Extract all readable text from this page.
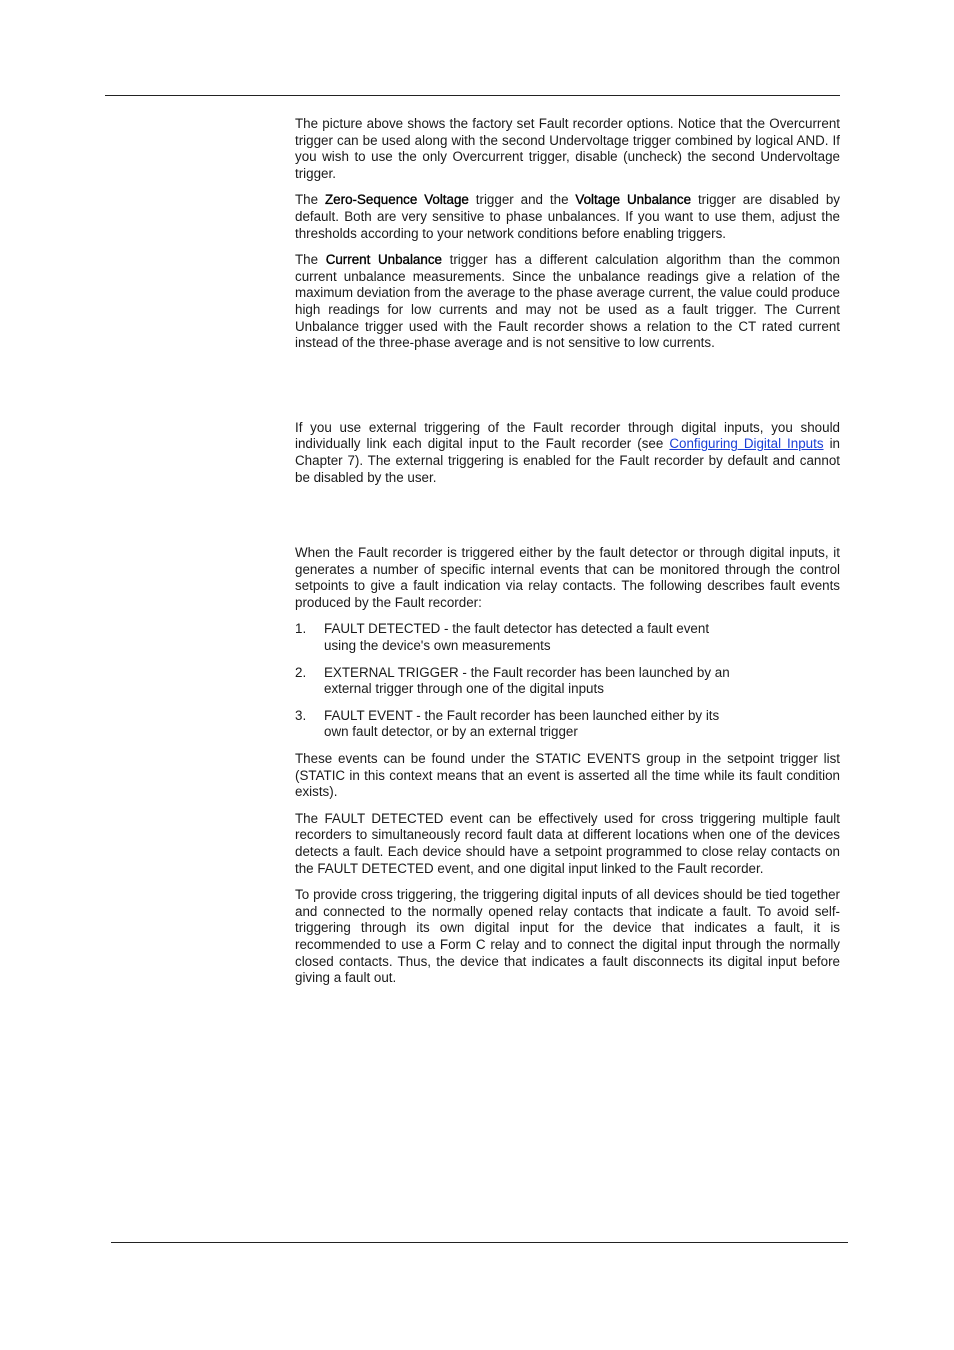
The picture above shows the factory set Fault recorder options. Notice that the Overcurrent trigger can be used along with the second Undervoltage trigger combined by logical AND. If you wish to use the only Overcurrent trigger, disable (uncheck) the second Undervoltage trigger.

The Zero-Sequence Voltage trigger and the Voltage Unbalance trigger are disabled by default. Both are very sensitive to phase unbalances. If you want to use them, adjust the thresholds according to your network conditions before enabling triggers.

The Current Unbalance trigger has a different calculation algorithm than the common current unbalance measurements. Since the unbalance readings give a relation of the maximum deviation from the average to the phase average current, the value could produce high readings for low currents and may not be used as a fault trigger. The Current Unbalance trigger used with the Fault recorder shows a relation to the CT rated current instead of the three-phase average and is not sensitive to low currents.

If you use external triggering of the Fault recorder through digital inputs, you should individually link each digital input to the Fault recorder (see Configuring Digital Inputs in Chapter 7). The external triggering is enabled for the Fault recorder by default and cannot be disabled by the user.

When the Fault recorder is triggered either by the fault detector or through digital inputs, it generates a number of specific internal events that can be monitored through the control setpoints to give a fault indication via relay contacts. The following describes fault events produced by the Fault recorder:

1. FAULT DETECTED - the fault detector has detected a fault event using the device's own measurements
2. EXTERNAL TRIGGER - the Fault recorder has been launched by an external trigger through one of the digital inputs
3. FAULT EVENT - the Fault recorder has been launched either by its own fault detector, or by an external trigger

These events can be found under the STATIC EVENTS group in the setpoint trigger list (STATIC in this context means that an event is asserted all the time while its fault condition exists).

The FAULT DETECTED event can be effectively used for cross triggering multiple fault recorders to simultaneously record fault data at different locations when one of the devices detects a fault. Each device should have a setpoint programmed to close relay contacts on the FAULT DETECTED event, and one digital input linked to the Fault recorder.

To provide cross triggering, the triggering digital inputs of all devices should be tied together and connected to the normally opened relay contacts that indicate a fault. To avoid self-triggering through its own digital input for the device that indicates a fault, it is recommended to use a Form C relay and to connect the digital input through the normally closed contacts. Thus, the device that indicates a fault disconnects its digital input before giving a fault out.
